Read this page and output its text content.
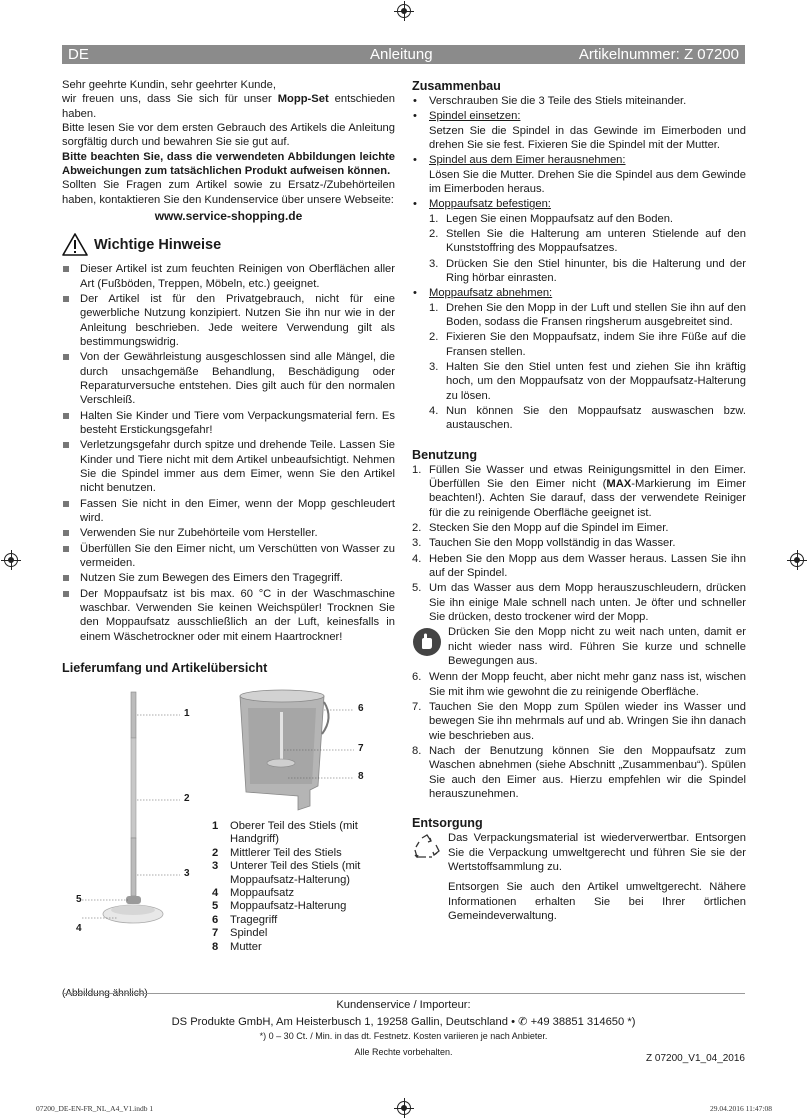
DE	Anleitung	Artikelnummer: Z 07200

Sehr geehrte Kundin, sehr geehrter Kunde,

wir freuen uns, dass Sie sich für unser Mopp-Set entschieden haben.

Bitte lesen Sie vor dem ersten Gebrauch des Artikels die Anleitung sorgfältig durch und bewahren Sie sie gut auf.

Bitte beachten Sie, dass die verwendeten Abbildungen leichte Abweichungen zum tatsächlichen Produkt aufweisen können.

Sollten Sie Fragen zum Artikel sowie zu Ersatz-/Zubehörteilen haben, kontaktieren Sie den Kundenservice über unsere Webseite:

www.service-shopping.de

Wichtige Hinweise
Dieser Artikel ist zum feuchten Reinigen von Oberflächen aller Art (Fußböden, Treppen, Möbeln, etc.) geeignet.
Der Artikel ist für den Privatgebrauch, nicht für eine gewerbliche Nutzung konzipiert. Nutzen Sie ihn nur wie in der Anleitung beschrieben. Jede weitere Verwendung gilt als bestimmungswidrig.
Von der Gewährleistung ausgeschlossen sind alle Mängel, die durch unsachgemäße Behandlung, Beschädigung oder Reparaturversuche entstehen. Dies gilt auch für den normalen Verschleiß.
Halten Sie Kinder und Tiere vom Verpackungsmaterial fern. Es besteht Erstickungsgefahr!
Verletzungsgefahr durch spitze und drehende Teile. Lassen Sie Kinder und Tiere nicht mit dem Artikel unbeaufsichtigt. Nehmen Sie die Spindel immer aus dem Eimer, wenn Sie den Artikel nicht benutzen.
Fassen Sie nicht in den Eimer, wenn der Mopp geschleudert wird.
Verwenden Sie nur Zubehörteile vom Hersteller.
Überfüllen Sie den Eimer nicht, um Verschütten von Wasser zu vermeiden.
Nutzen Sie zum Bewegen des Eimers den Tragegriff.
Der Moppaufsatz ist bis max. 60 °C in der Waschmaschine waschbar. Verwenden Sie keinen Weichspüler! Trocknen Sie den Moppaufsatz ausschließlich an der Luft, keinesfalls in einem Wäschetrockner oder mit einem Haartrockner!
Lieferumfang und Artikelübersicht
1
2
3
4
5
6
7
8
1	Oberer Teil des Stiels (mit Handgriff)
2	Mittlerer Teil des Stiels
3	Unterer Teil des Stiels (mit Moppaufsatz-Halterung)
4	Moppaufsatz
5	Moppaufsatz-Halterung
6	Tragegriff
7	Spindel
8	Mutter

Zusammenbau
• Verschrauben Sie die 3 Teile des Stiels miteinander.
• Spindel einsetzen:

Setzen Sie die Spindel in das Gewinde im Eimerboden und drehen Sie sie fest. Fixieren Sie die Spindel mit der Mutter.

• Spindel aus dem Eimer herausnehmen:

Lösen Sie die Mutter. Drehen Sie die Spindel aus dem Gewinde im Eimerboden heraus.

• Moppaufsatz befestigen:
1. Legen Sie einen Moppaufsatz auf den Boden.
2. Stellen Sie die Halterung am unteren Stielende auf den Kunststoffring des Moppaufsatzes.
3. Drücken Sie den Stiel hinunter, bis die Halterung und der Ring hörbar einrasten.
• Moppaufsatz abnehmen:
1. Drehen Sie den Mopp in der Luft und stellen Sie ihn auf den Boden, sodass die Fransen ringsherum ausgebreitet sind.
2. Fixieren Sie den Moppaufsatz, indem Sie ihre Füße auf die Fransen stellen.
3. Halten Sie den Stiel unten fest und ziehen Sie ihn kräftig hoch, um den Moppaufsatz von der Moppaufsatz-Halterung zu lösen.
4. Nun können Sie den Moppaufsatz auswaschen bzw. austauschen.
Benutzung
1. Füllen Sie Wasser und etwas Reinigungsmittel in den Eimer. Überfüllen Sie den Eimer nicht (MAX-Markierung im Eimer beachten!). Achten Sie darauf, dass der verwendete Reiniger für die zu reinigende Oberfläche geeignet ist.
2. Stecken Sie den Mopp auf die Spindel im Eimer.
3. Tauchen Sie den Mopp vollständig in das Wasser.
4. Heben Sie den Mopp aus dem Wasser heraus. Lassen Sie ihn auf der Spindel.
5. Um das Wasser aus dem Mopp herauszuschleudern, drücken Sie ihn einige Male schnell nach unten. Je öfter und schneller Sie drücken, desto trockener wird der Mopp.

Drücken Sie den Mopp nicht zu weit nach unten, damit er nicht wieder nass wird. Führen Sie kurze und schnelle Bewegungen aus.

6. Wenn der Mopp feucht, aber nicht mehr ganz nass ist, wischen Sie mit ihm wie gewohnt die zu reinigende Oberfläche.
7. Tauchen Sie den Mopp zum Spülen wieder ins Wasser und bewegen Sie ihn mehrmals auf und ab. Wringen Sie ihn danach wie beschrieben aus.
8. Nach der Benutzung können Sie den Moppaufsatz zum Waschen abnehmen (siehe Abschnitt „Zusammenbau“). Spülen Sie auch den Eimer aus. Hierzu empfehlen wir die Spindel herauszunehmen.
Entsorgung

Das Verpackungsmaterial ist wiederverwertbar. Entsorgen Sie die Verpackung umweltgerecht und führen Sie sie der Wertstoffsammlung zu.

Entsorgen Sie auch den Artikel umweltgerecht. Nähere Informationen erhalten Sie bei Ihrer örtlichen Gemeindeverwaltung.

Kundenservice / Importeur:
DS Produkte GmbH, Am Heisterbusch 1, 19258 Gallin, Deutschland • ✆ +49 38851 314650 *)
*) 0 – 30 Ct. / Min. in das dt. Festnetz. Kosten variieren je nach Anbieter.
Alle Rechte vorbehalten.
Z 07200_V1_04_2016
07200_DE-EN-FR_NL_A4_V1.indb 1	29.04.2016 11:47:08
